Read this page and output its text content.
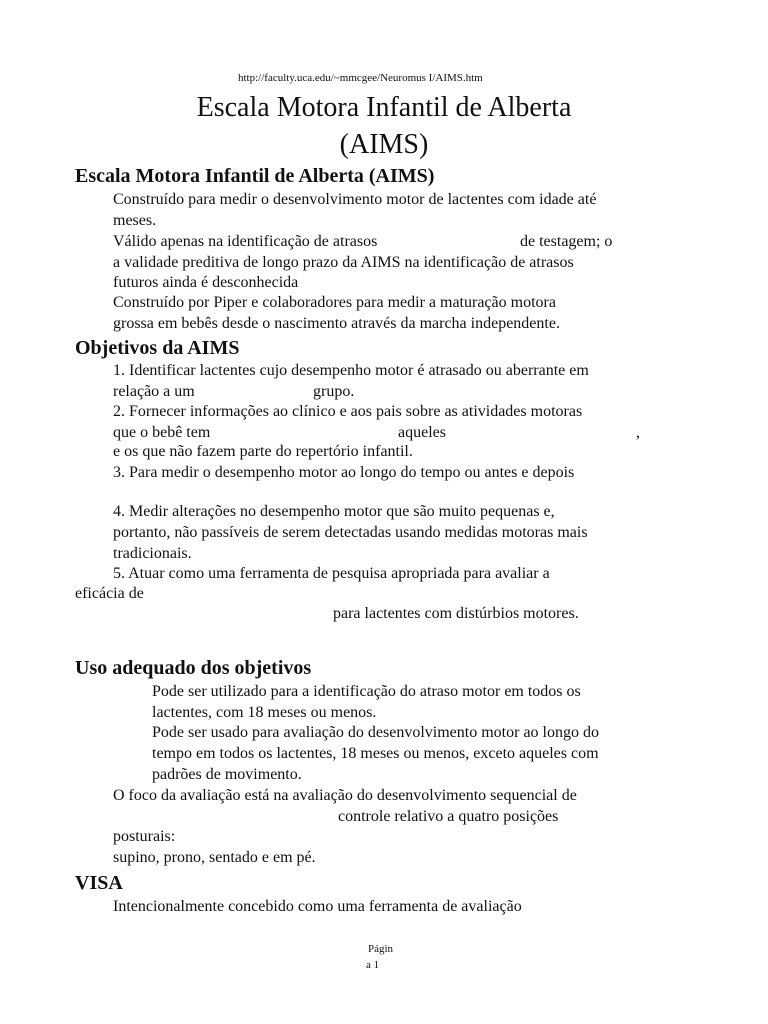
http://faculty.uca.edu/~mmcgee/Neuromus I/AIMS.htm
Escala Motora Infantil de Alberta
(AIMS)
Escala Motora Infantil de Alberta (AIMS)
Construído para medir o desenvolvimento motor de lactentes com idade até
meses.
Válido apenas na identificação de atrasos	de testagem; o
a validade preditiva de longo prazo da AIMS na identificação de atrasos
futuros ainda é desconhecida
Construído por Piper e colaboradores para medir a maturação motora
grossa em bebês desde o nascimento através da marcha independente.
Objetivos da AIMS
1. Identificar lactentes cujo desempenho motor é atrasado ou aberrante em
relação a um	grupo.
2. Fornecer informações ao clínico e aos pais sobre as atividades motoras
que o bebê tem	aqueles	,
e os que não fazem parte do repertório infantil.
3. Para medir o desempenho motor ao longo do tempo ou antes e depois
4. Medir alterações no desempenho motor que são muito pequenas e,
portanto, não passíveis de serem detectadas usando medidas motoras mais
tradicionais.
5. Atuar como uma ferramenta de pesquisa apropriada para avaliar a
eficácia de
para lactentes com distúrbios motores.
Uso adequado dos objetivos
Pode ser utilizado para a identificação do atraso motor em todos os
lactentes, com 18 meses ou menos.
Pode ser usado para avaliação do desenvolvimento motor ao longo do
tempo em todos os lactentes, 18 meses ou menos, exceto aqueles com
padrões de movimento.
O foco da avaliação está na avaliação do desenvolvimento sequencial de
controle relativo a quatro posições
posturais:
supino, prono, sentado e em pé.
VISA
Intencionalmente concebido como uma ferramenta de avaliação
Págin
a 1
